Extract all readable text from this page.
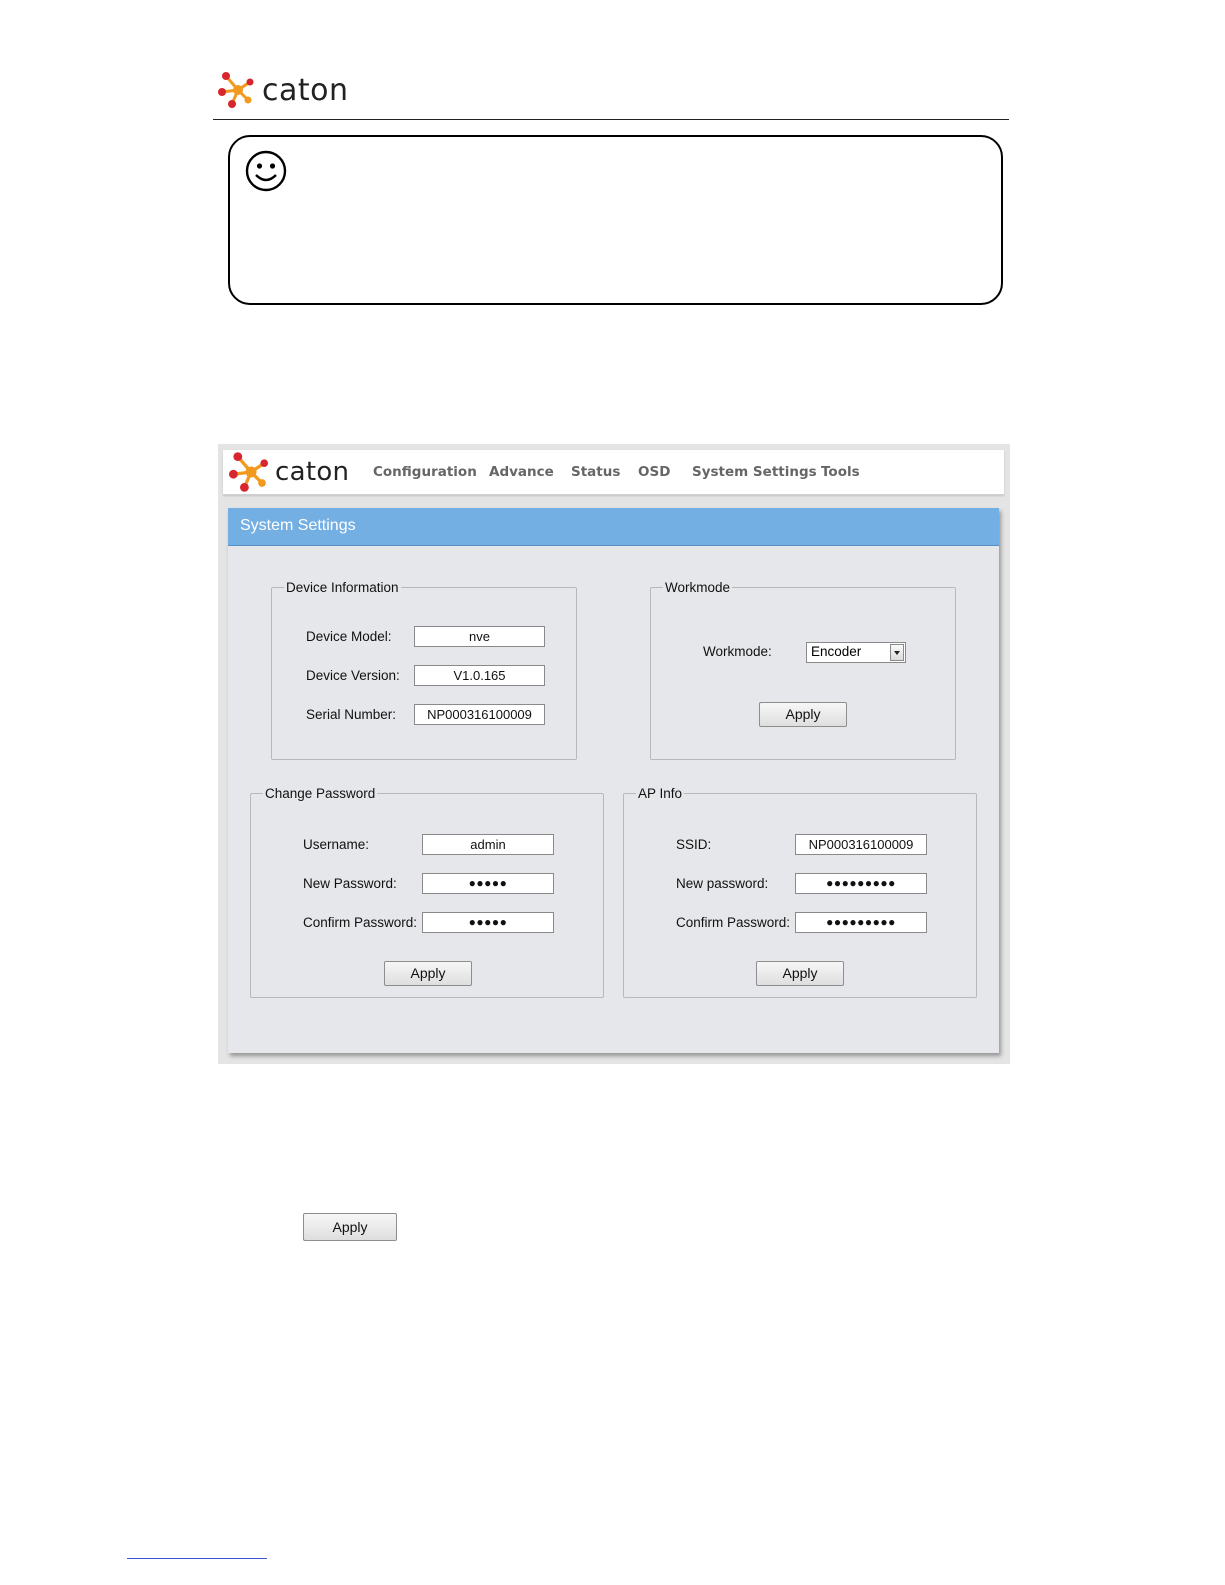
caton
caton Configuration Advance Status OSD System Settings Tools
System Settings
Device Information
Device Model:	nve
Device Version:	V1.0.165
Serial Number:	NP000316100009
Workmode
Workmode:	Encoder
Apply
Change Password
Username:	admin
New Password:	●●●●●
Confirm Password:	●●●●●
Apply
AP Info
SSID:	NP000316100009
New password:	●●●●●●●●●
Confirm Password:	●●●●●●●●●
Apply
Apply
